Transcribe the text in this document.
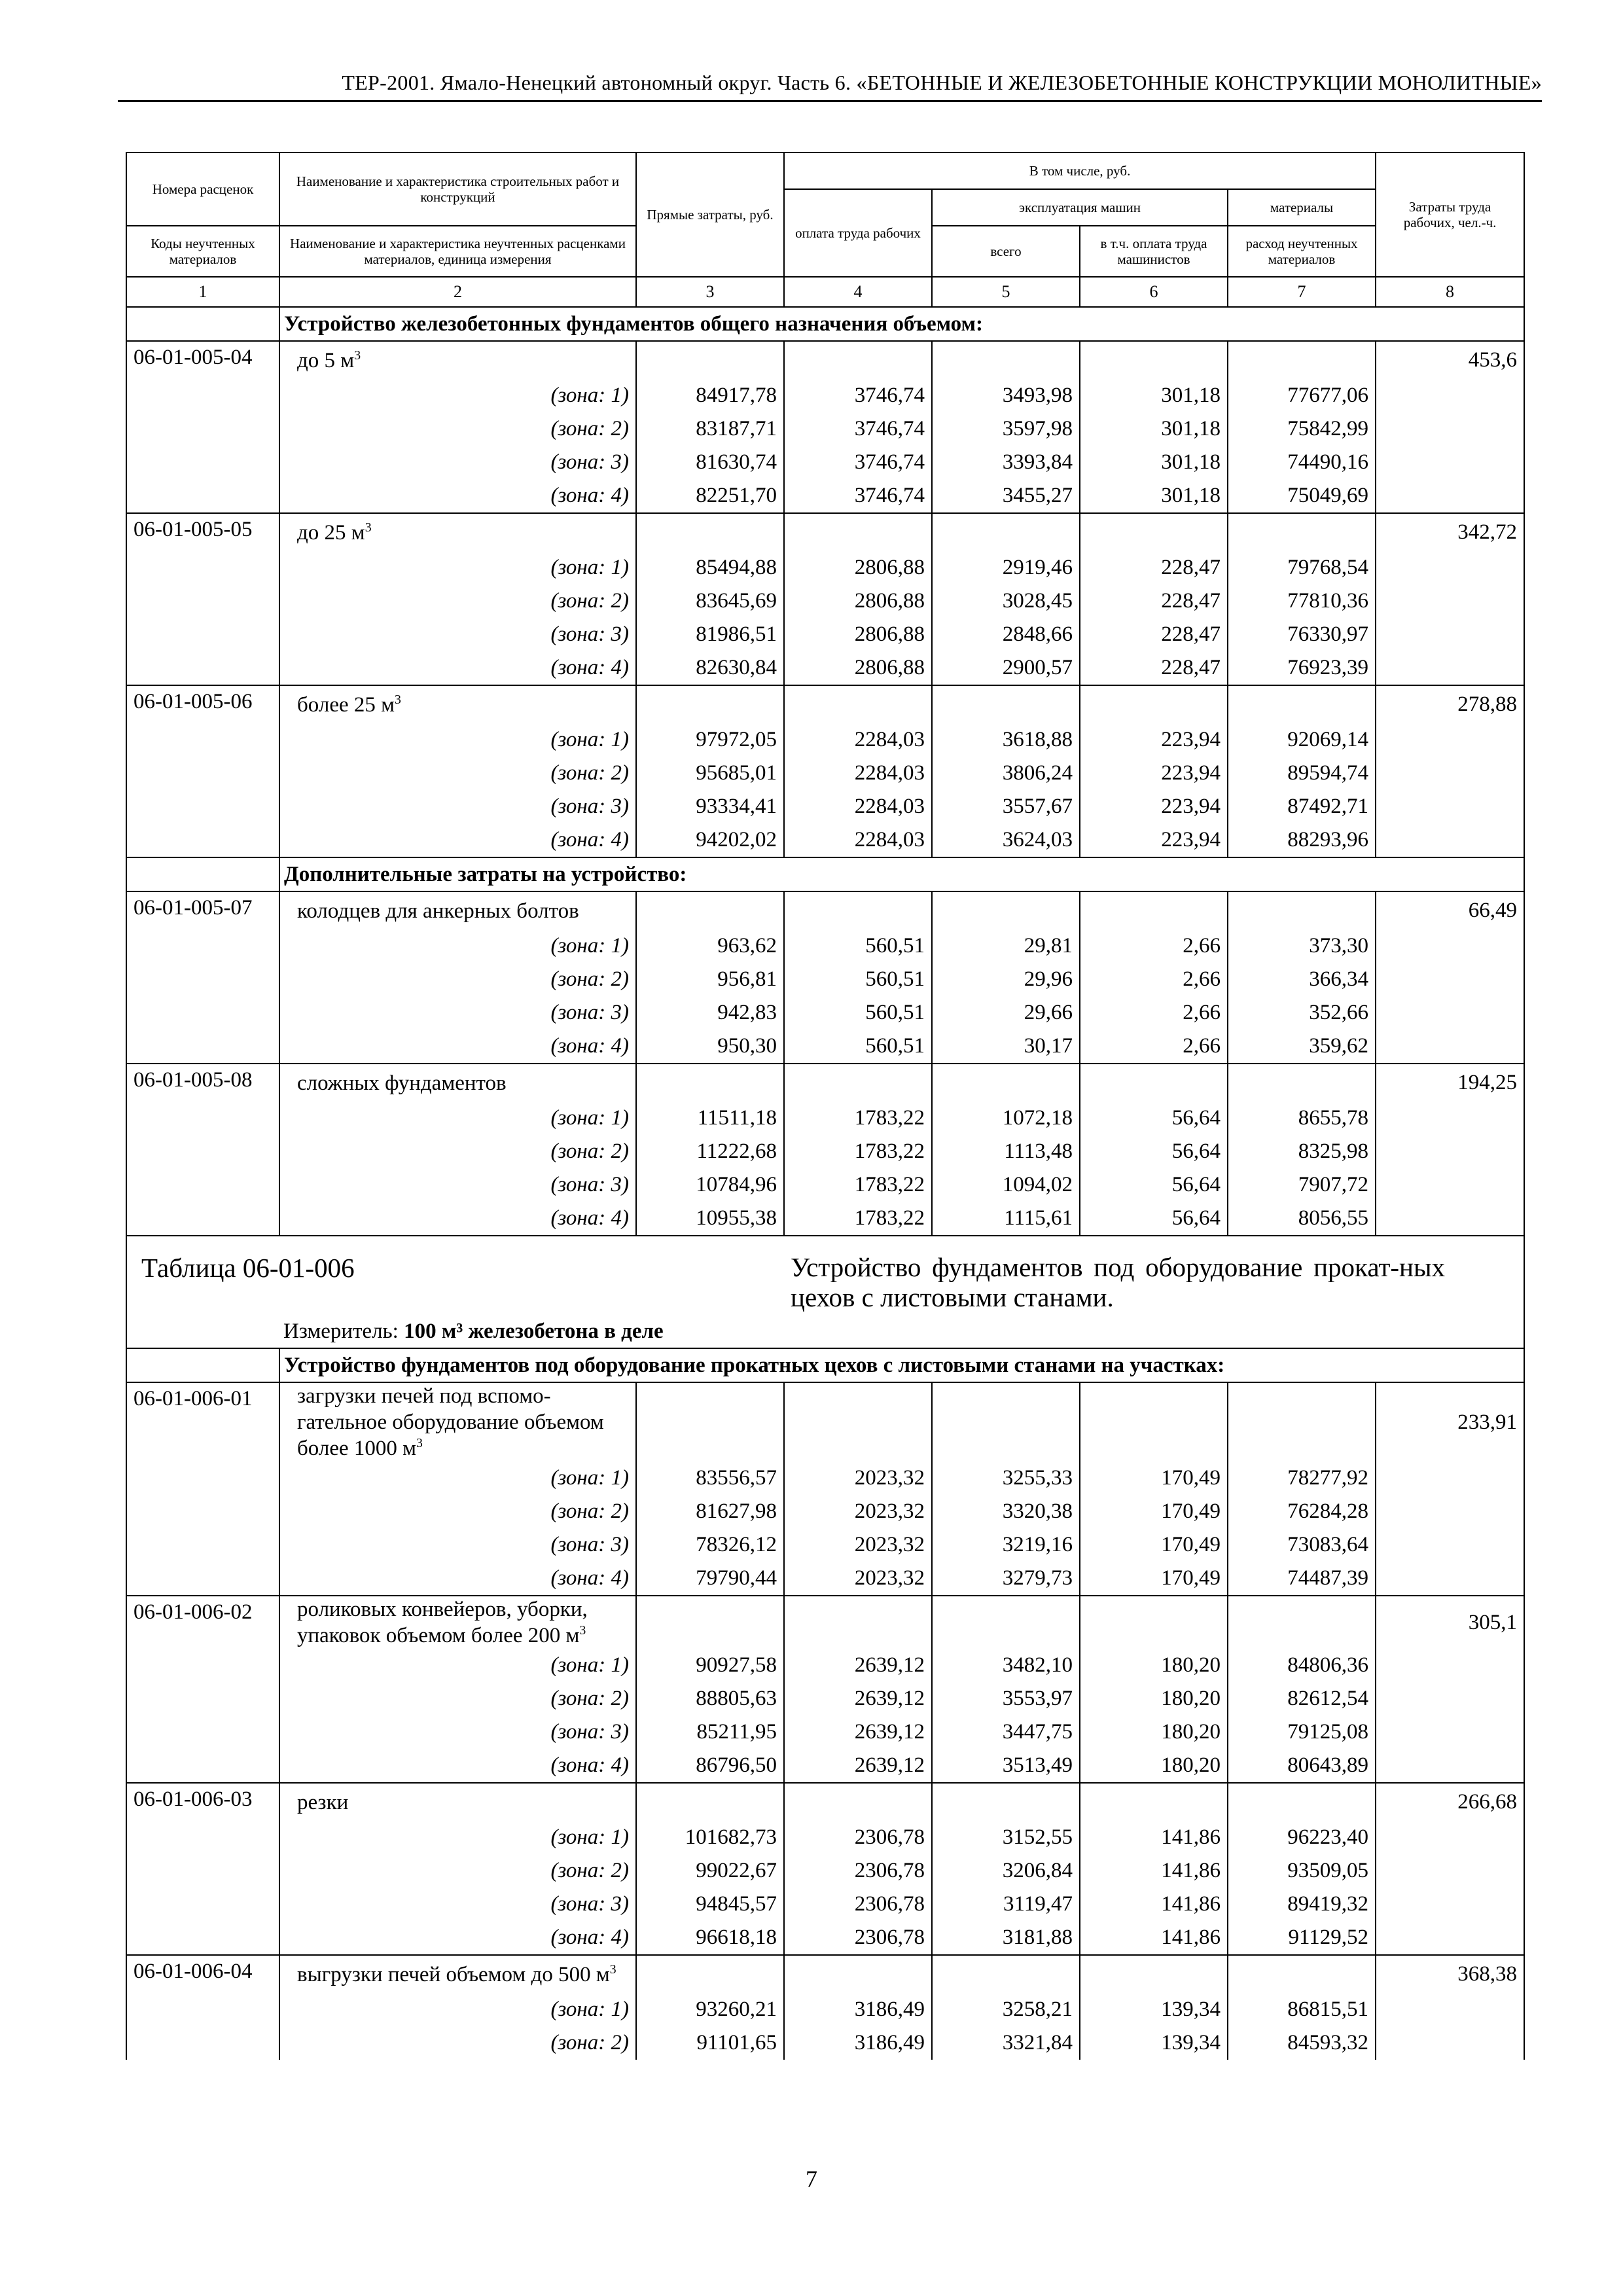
ТЕР-2001. Ямало-Ненецкий автономный округ. Часть 6. «БЕТОННЫЕ И ЖЕЛЕЗОБЕТОННЫЕ КОНСТРУКЦИИ МОНОЛИТНЫЕ»
Номера расценок	Наименование и характеристика строительных работ и конструкций	Прямые затраты, руб.	В том числе, руб.				Затраты труда рабочих, чел.-ч.
			оплата труда рабочих	эксплуатация машин		материалы	
Коды неучтенных материалов	Наименование и характеристика неучтенных расценками материалов, единица измерения			всего	в т.ч. оплата труда машинистов	расход неучтенных материалов	
1	2	3	4	5	6	7	8
	Устройство железобетонных фундаментов общего назначения объемом:						
06-01-005-04	до 5 $м^3$						453,6
	(зона: 1)	84917,78	3746,74	3493,98	301,18	77677,06	
	(зона: 2)	83187,71	3746,74	3597,98	301,18	75842,99	
	(зона: 3)	81630,74	3746,74	3393,84	301,18	74490,16	
	(зона: 4)	82251,70	3746,74	3455,27	301,18	75049,69	
06-01-005-05	до 25 $м^3$						342,72
	(зона: 1)	85494,88	2806,88	2919,46	228,47	79768,54	
	(зона: 2)	83645,69	2806,88	3028,45	228,47	77810,36	
	(зона: 3)	81986,51	2806,88	2848,66	228,47	76330,97	
	(зона: 4)	82630,84	2806,88	2900,57	228,47	76923,39	
06-01-005-06	более 25 $м^3$						278,88
	(зона: 1)	97972,05	2284,03	3618,88	223,94	92069,14	
	(зона: 2)	95685,01	2284,03	3806,24	223,94	89594,74	
	(зона: 3)	93334,41	2284,03	3557,67	223,94	87492,71	
	(зона: 4)	94202,02	2284,03	3624,03	223,94	88293,96	
	Дополнительные затраты на устройство:						
06-01-005-07	колодцев для анкерных болтов						66,49
	(зона: 1)	963,62	560,51	29,81	2,66	373,30	
	(зона: 2)	956,81	560,51	29,96	2,66	366,34	
	(зона: 3)	942,83	560,51	29,66	2,66	352,66	
	(зона: 4)	950,30	560,51	30,17	2,66	359,62	
06-01-005-08	сложных фундаментов						194,25
	(зона: 1)	11511,18	1783,22	1072,18	56,64	8655,78	
	(зона: 2)	11222,68	1783,22	1113,48	56,64	8325,98	
	(зона: 3)	10784,96	1783,22	1094,02	56,64	7907,72	
	(зона: 4)	10955,38	1783,22	1115,61	56,64	8056,55	
Таблица 06-01-006			Устройство фундаментов под оборудование прокат-ных цехов с листовыми станами.				
	Измеритель: 100 м³ железобетона в деле						
	Устройство фундаментов под оборудование прокатных цехов с листовыми станами на участках:						
06-01-006-01	загрузки печей под вспомо-гательное оборудование объемом более 1000 $м^3$						233,91
	(зона: 1)	83556,57	2023,32	3255,33	170,49	78277,92	
	(зона: 2)	81627,98	2023,32	3320,38	170,49	76284,28	
	(зона: 3)	78326,12	2023,32	3219,16	170,49	73083,64	
	(зона: 4)	79790,44	2023,32	3279,73	170,49	74487,39	
06-01-006-02	роликовых конвейеров, уборки, упаковок объемом более 200 $м^3$						305,1
	(зона: 1)	90927,58	2639,12	3482,10	180,20	84806,36	
	(зона: 2)	88805,63	2639,12	3553,97	180,20	82612,54	
	(зона: 3)	85211,95	2639,12	3447,75	180,20	79125,08	
	(зона: 4)	86796,50	2639,12	3513,49	180,20	80643,89	
06-01-006-03	резки						266,68
	(зона: 1)	101682,73	2306,78	3152,55	141,86	96223,40	
	(зона: 2)	99022,67	2306,78	3206,84	141,86	93509,05	
	(зона: 3)	94845,57	2306,78	3119,47	141,86	89419,32	
	(зона: 4)	96618,18	2306,78	3181,88	141,86	91129,52	
06-01-006-04	выгрузки печей объемом до 500 $м^3$						368,38
	(зона: 1)	93260,21	3186,49	3258,21	139,34	86815,51	
	(зона: 2)	91101,65	3186,49	3321,84	139,34	84593,32	
7
